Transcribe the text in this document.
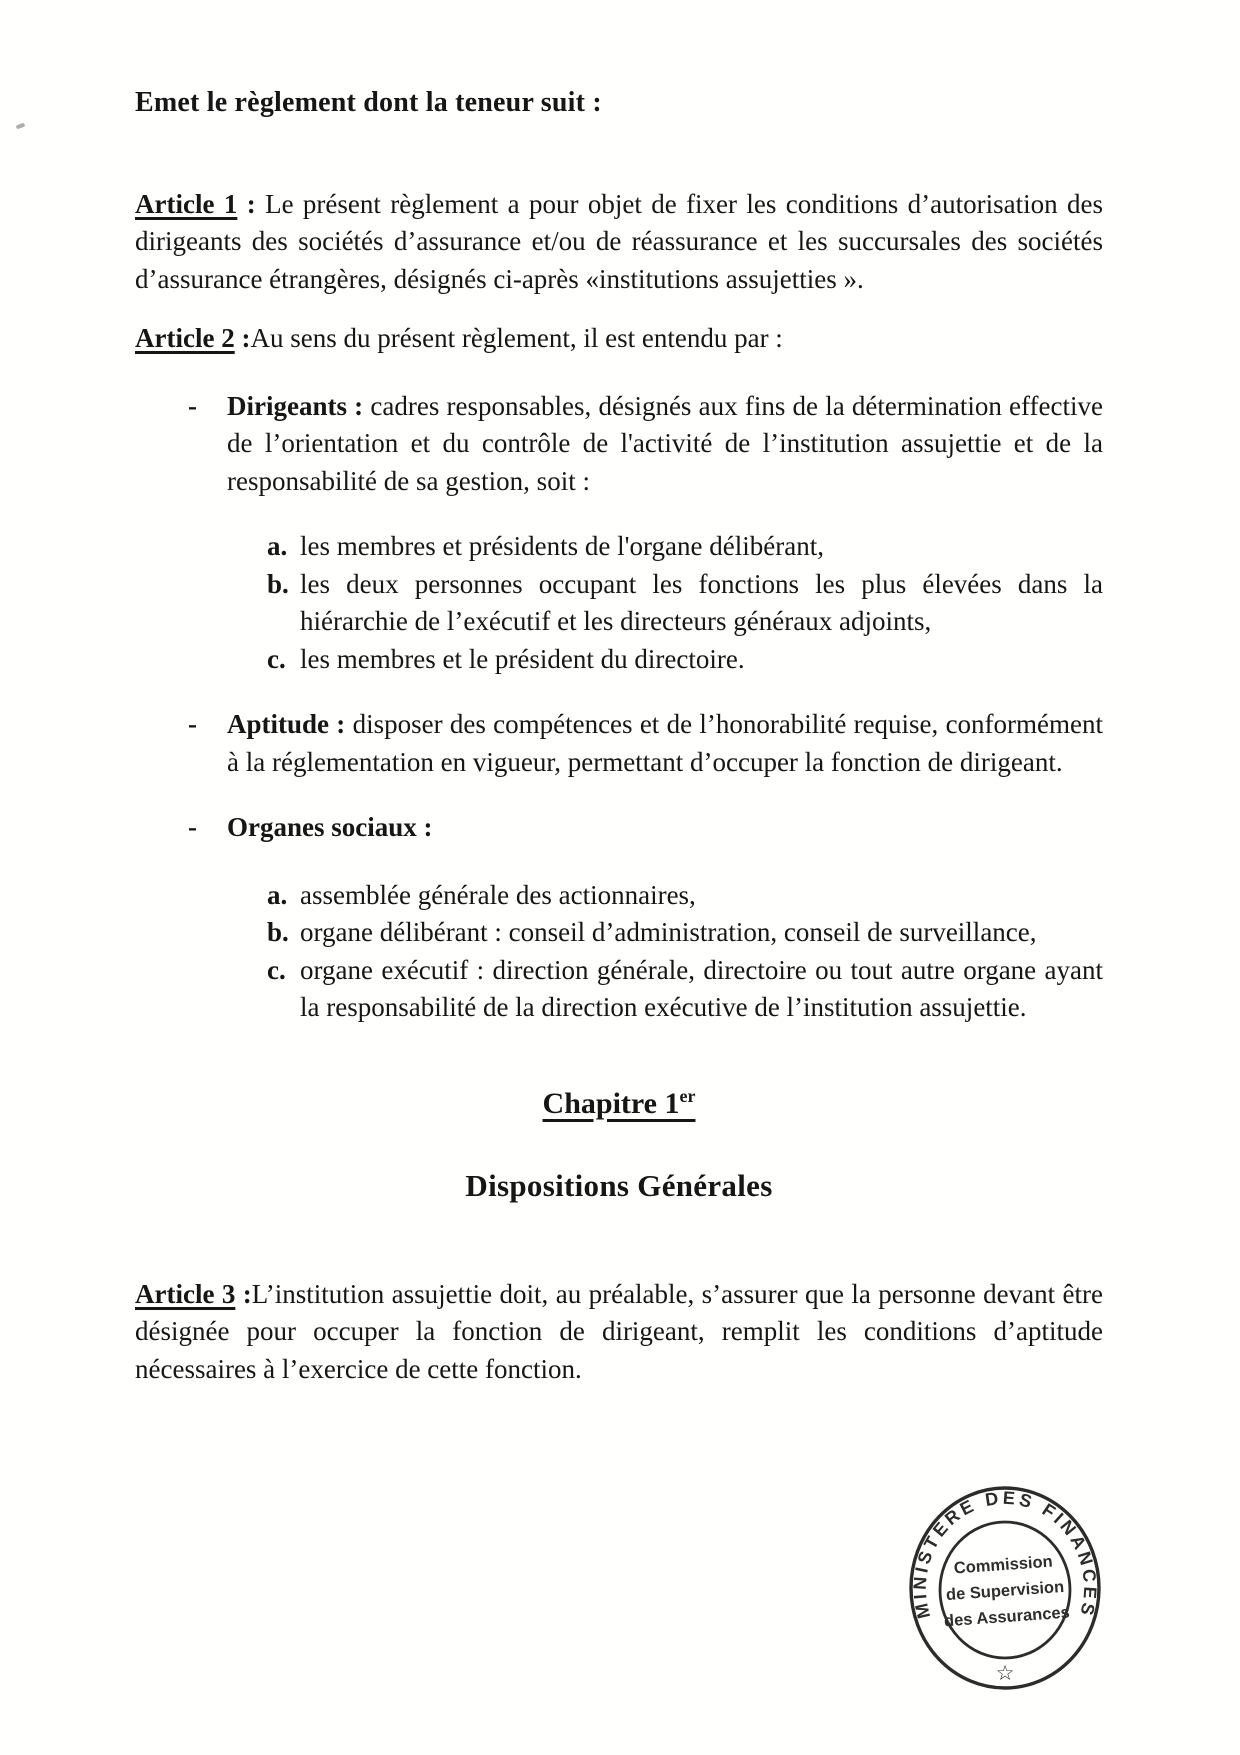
Emet le règlement dont la teneur suit :

Article 1 : Le présent règlement a pour objet de fixer les conditions d’autorisation des dirigeants des sociétés d’assurance et/ou de réassurance et les succursales des sociétés d’assurance étrangères, désignés ci-après «institutions assujetties ».

Article 2 :Au sens du présent règlement, il est entendu par :

-	Dirigeants : cadres responsables, désignés aux fins de la détermination effective de l’orientation et du contrôle de l'activité de l’institution assujettie et de la responsabilité de sa gestion, soit :

a. les membres et présidents de l'organe délibérant,

b. les deux personnes occupant les fonctions les plus élevées dans la hiérarchie de l’exécutif et les directeurs généraux adjoints,

c. les membres et le président du directoire.

-	Aptitude : disposer des compétences et de l’honorabilité requise, conformément à la réglementation en vigueur, permettant d’occuper la fonction de dirigeant.

-	Organes sociaux :

a. assemblée générale des actionnaires,

b. organe délibérant : conseil d’administration, conseil de surveillance,

c. organe exécutif : direction générale, directoire ou tout autre organe ayant la responsabilité de la direction exécutive de l’institution assujettie.

Chapitre 1er

Dispositions Générales

Article 3 :L’institution assujettie doit, au préalable, s’assurer que la personne devant être désignée pour occuper la fonction de dirigeant, remplit les conditions d’aptitude nécessaires à l’exercice de cette fonction.

MINISTERE DES FINANCES
Commission
de Supervision
des Assurances
☆
